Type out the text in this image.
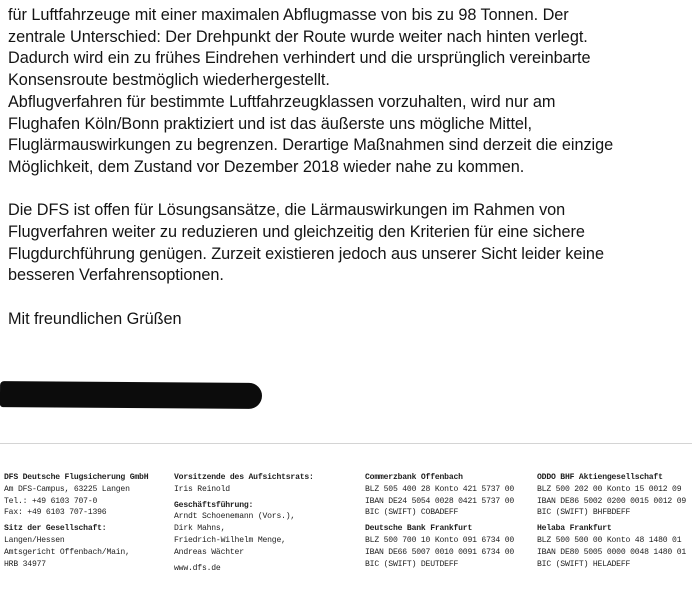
für Luftfahrzeuge mit einer maximalen Abflugmasse von bis zu 98 Tonnen. Der

zentrale Unterschied: Der Drehpunkt der Route wurde weiter nach hinten verlegt.

Dadurch wird ein zu frühes Eindrehen verhindert und die ursprünglich vereinbarte

Konsensroute bestmöglich wiederhergestellt.

Abflugverfahren für bestimmte Luftfahrzeugklassen vorzuhalten, wird nur am

Flughafen Köln/Bonn praktiziert und ist das äußerste uns mögliche Mittel,

Fluglärmauswirkungen zu begrenzen. Derartige Maßnahmen sind derzeit die einzige

Möglichkeit, dem Zustand vor Dezember 2018 wieder nahe zu kommen.

Die DFS ist offen für Lösungsansätze, die Lärmauswirkungen im Rahmen von

Flugverfahren weiter zu reduzieren und gleichzeitig den Kriterien für eine sichere

Flugdurchführung genügen. Zurzeit existieren jedoch aus unserer Sicht leider keine

besseren Verfahrensoptionen.

Mit freundlichen Grüßen

DFS Deutsche Flugsicherung GmbH
Am DFS-Campus, 63225 Langen
Tel.: +49 6103 707-0
Fax: +49 6103 707-1396
Sitz der Gesellschaft:
Langen/Hessen
Amtsgericht Offenbach/Main,
HRB 34977
Vorsitzende des Aufsichtsrats:
Iris Reinold
Geschäftsführung:
Arndt Schoenemann (Vors.),
Dirk Mahns,
Friedrich-Wilhelm Menge,
Andreas Wächter
www.dfs.de
Commerzbank Offenbach
BLZ 505 400 28 Konto 421 5737 00
IBAN DE24 5054 0028 0421 5737 00
BIC (SWIFT) COBADEFF
Deutsche Bank Frankfurt
BLZ 500 700 10 Konto 091 6734 00
IBAN DE66 5007 0010 0091 6734 00
BIC (SWIFT) DEUTDEFF
ODDO BHF Aktiengesellschaft
BLZ 500 202 00 Konto 15 0012 09
IBAN DE86 5002 0200 0015 0012 09
BIC (SWIFT) BHFBDEFF
Helaba Frankfurt
BLZ 500 500 00 Konto 48 1480 01
IBAN DE80 5005 0000 0048 1480 01
BIC (SWIFT) HELADEFF
